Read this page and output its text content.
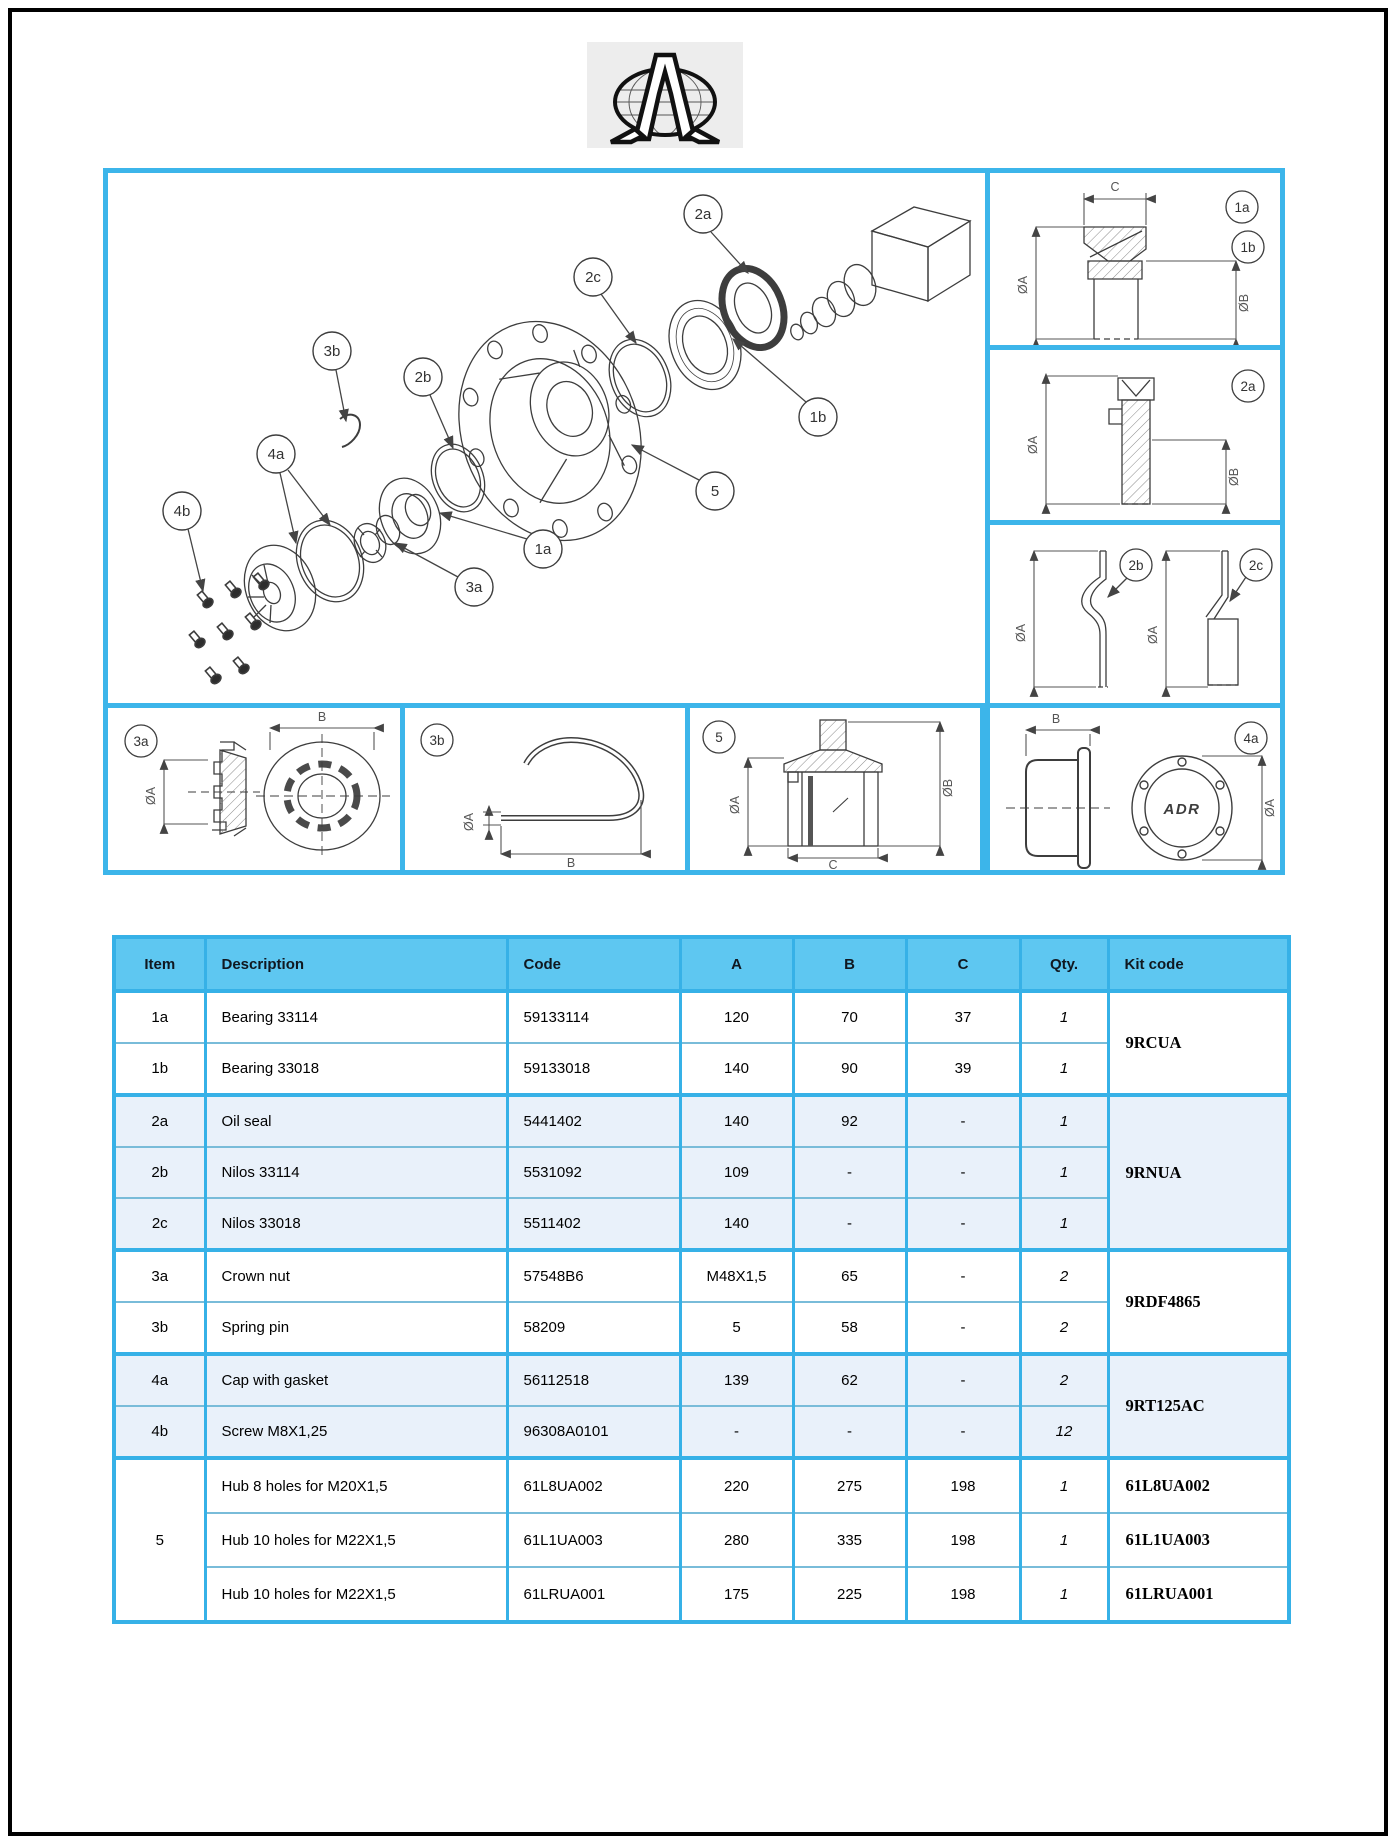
2a
2c
3b
2b
1b
4a
4b
5
1a
3a
C
ØA
ØB
1a
1b
ØA
ØB
2a
ØA	ØA
2b	2c
ØA
B
3a
ØA
B
3b
ØA
ØB
C
5
ADR
B
ØA
4a
Item	Description	Code	A	B	C	Qty.	Kit code
1a	Bearing 33114	59133114	120	70	37	1	9RCUA
1b	Bearing 33018	59133018	140	90	39	1	
2a	Oil seal	5441402	140	92	-	1	9RNUA
2b	Nilos 33114	5531092	109	-	-	1	
2c	Nilos 33018	5511402	140	-	-	1	
3a	Crown nut	57548B6	M48X1,5	65	-	2	9RDF4865
3b	Spring pin	58209	5	58	-	2	
4a	Cap with gasket	56112518	139	62	-	2	9RT125AC
4b	Screw M8X1,25	96308A0101	-	-	-	12	
5	Hub 8 holes for M20X1,5	61L8UA002	220	275	198	1	61L8UA002
	Hub 10 holes for M22X1,5	61L1UA003	280	335	198	1	61L1UA003
	Hub 10 holes for M22X1,5	61LRUA001	175	225	198	1	61LRUA001
